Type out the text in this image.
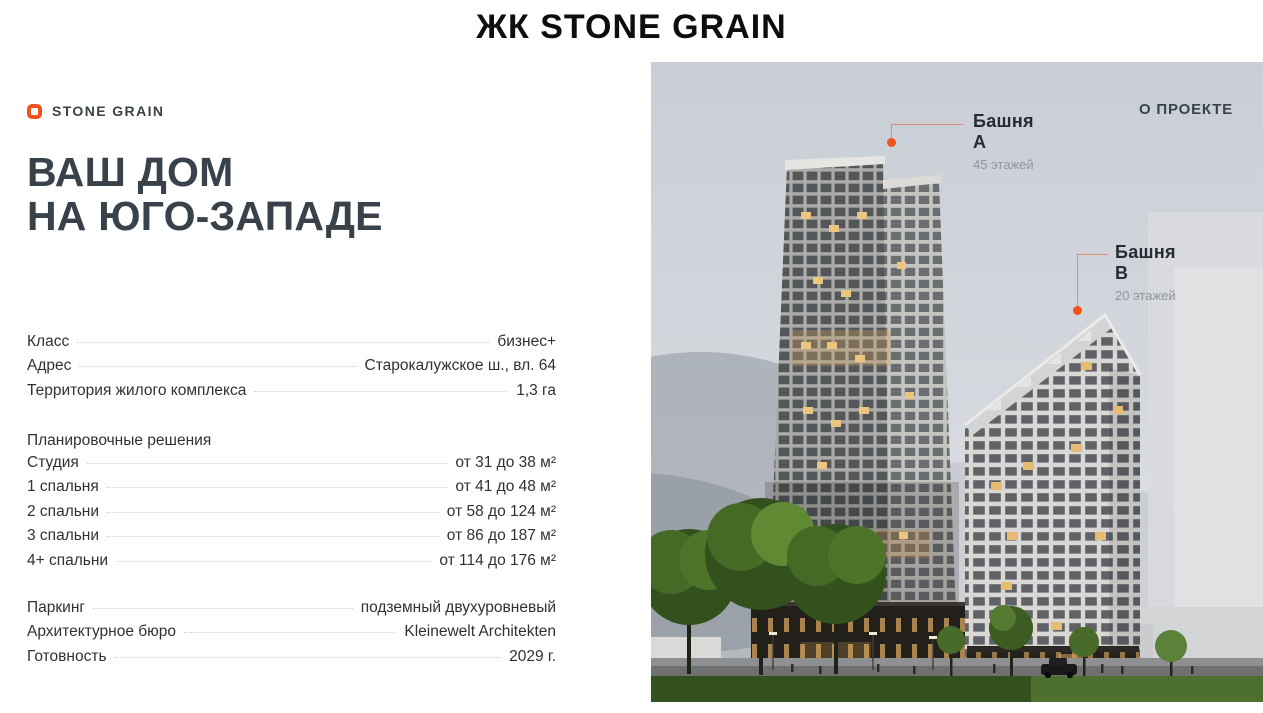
ЖК STONE GRAIN
STONE GRAIN
ВАШ ДОМ
НА ЮГО-ЗАПАДЕ
Класс	бизнес+
Адрес	Старокалужское ш., вл. 64
Территория жилого комплекса	1,3 га
Планировочные решения
Студия	от 31 до 38 м²
1 спальня	от 41 до 48 м²
2 спальни	от 58 до 124 м²
3 спальни	от 86 до 187 м²
4+ спальни	от 114 до 176 м²
Паркинг	подземный двухуровневый
Архитектурное бюро	Kleinewelt Architekten
Готовность	2029 г.
О ПРОЕКТЕ
Башня А
45 этажей
Башня В
20 этажей
